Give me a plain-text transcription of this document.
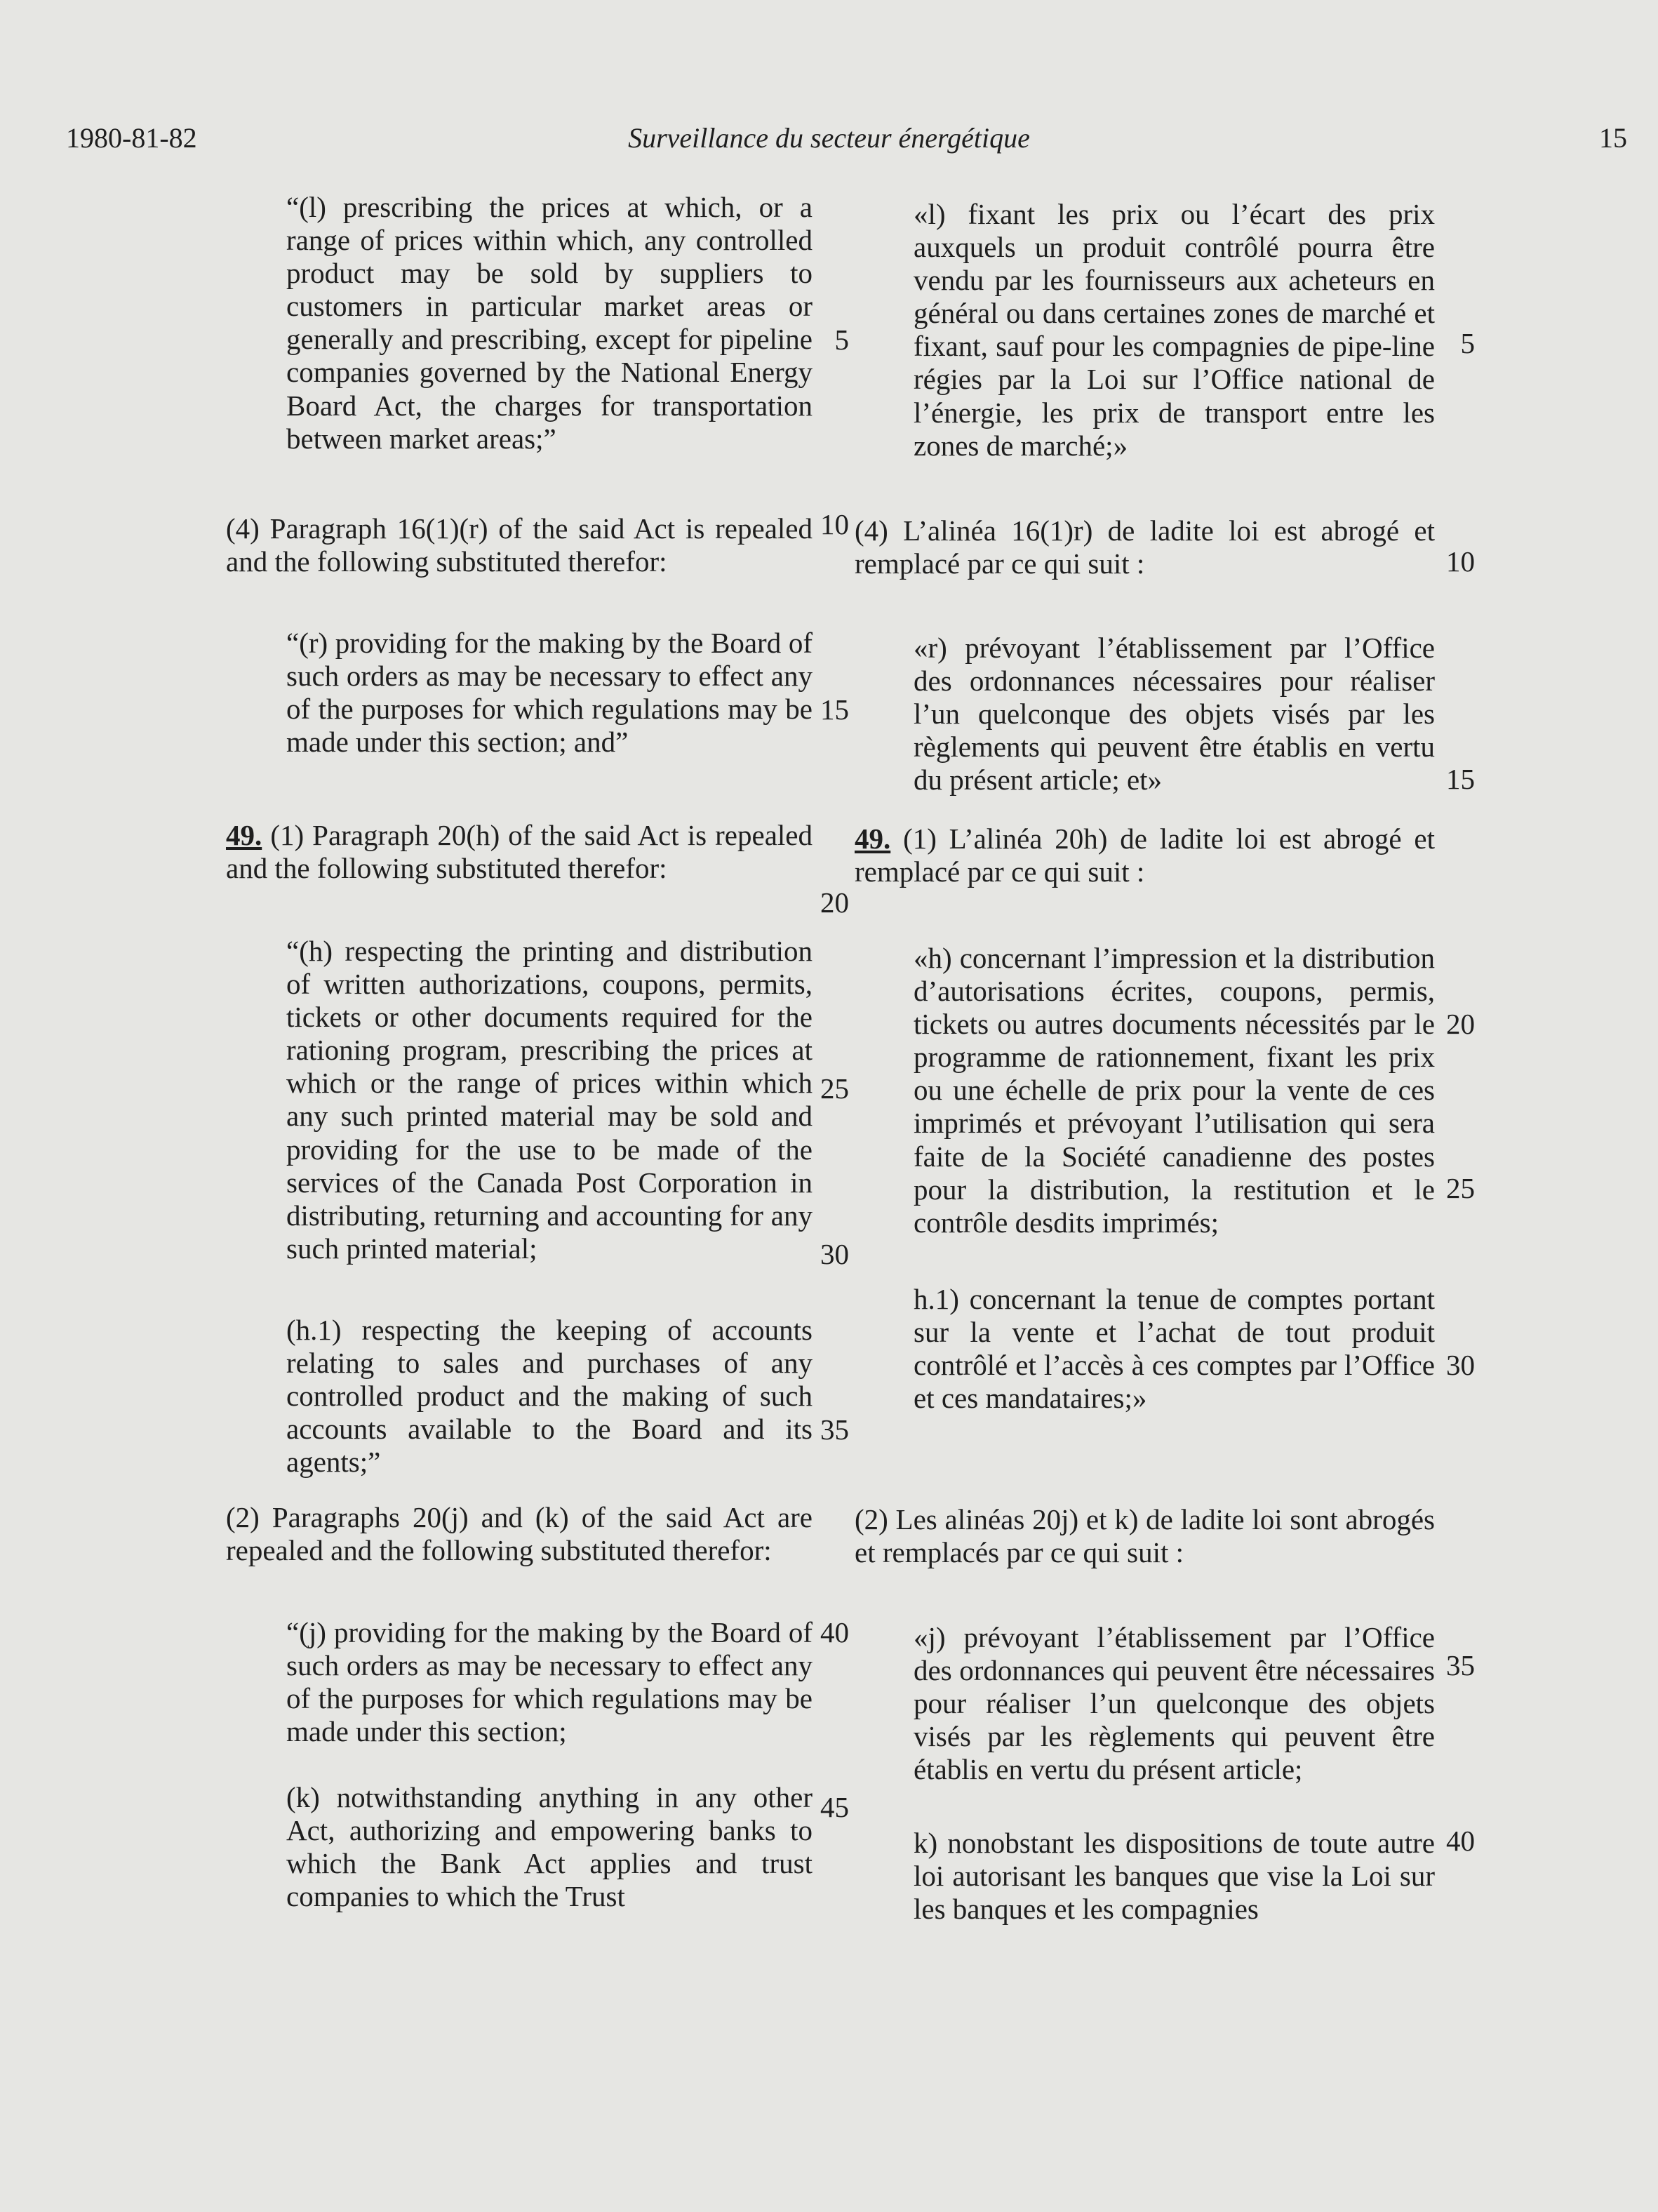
1980-81-82	Surveillance du secteur énergétique	15

“(l) prescribing the prices at which, or a range of prices within which, any controlled product may be sold by suppliers to customers in particular market areas or generally and prescribing, except for pipeline companies governed by the National Energy Board Act, the charges for transportation between market areas;”

(4) Paragraph 16(1)(r) of the said Act is repealed and the following substituted therefor:

“(r) providing for the making by the Board of such orders as may be necessary to effect any of the purposes for which regulations may be made under this section; and”

49. (1) Paragraph 20(h) of the said Act is repealed and the following substituted therefor:

“(h) respecting the printing and distribution of written authorizations, coupons, permits, tickets or other documents required for the rationing program, prescribing the prices at which or the range of prices within which any such printed material may be sold and providing for the use to be made of the services of the Canada Post Corporation in distributing, returning and accounting for any such printed material;

(h.1) respecting the keeping of accounts relating to sales and purchases of any controlled product and the making of such accounts available to the Board and its agents;”

(2) Paragraphs 20(j) and (k) of the said Act are repealed and the following substituted therefor:

“(j) providing for the making by the Board of such orders as may be necessary to effect any of the purposes for which regulations may be made under this section;

(k) notwithstanding anything in any other Act, authorizing and empowering banks to which the Bank Act applies and trust companies to which the Trust

«l) fixant les prix ou l’écart des prix auxquels un produit contrôlé pourra être vendu par les fournisseurs aux acheteurs en général ou dans certaines zones de marché et fixant, sauf pour les compagnies de pipe-line régies par la Loi sur l’Office national de l’énergie, les prix de transport entre les zones de marché;»

(4) L’alinéa 16(1)r) de ladite loi est abrogé et remplacé par ce qui suit :

«r) prévoyant l’établissement par l’Office des ordonnances nécessaires pour réaliser l’un quelconque des objets visés par les règlements qui peuvent être établis en vertu du présent article; et»

49. (1) L’alinéa 20h) de ladite loi est abrogé et remplacé par ce qui suit :

«h) concernant l’impression et la distribution d’autorisations écrites, coupons, permis, tickets ou autres documents nécessités par le programme de rationnement, fixant les prix ou une échelle de prix pour la vente de ces imprimés et prévoyant l’utilisation qui sera faite de la Société canadienne des postes pour la distribution, la restitution et le contrôle desdits imprimés;

h.1) concernant la tenue de comptes portant sur la vente et l’achat de tout produit contrôlé et l’accès à ces comptes par l’Office et ces mandataires;»

(2) Les alinéas 20j) et k) de ladite loi sont abrogés et remplacés par ce qui suit :

«j) prévoyant l’établissement par l’Office des ordonnances qui peuvent être nécessaires pour réaliser l’un quelconque des objets visés par les règlements qui peuvent être établis en vertu du présent article;

k) nonobstant les dispositions de toute autre loi autorisant les banques que vise la Loi sur les banques et les compagnies

5
10
15
20
25
30
35
40
45
5
10
15
20
25
30
35
40
